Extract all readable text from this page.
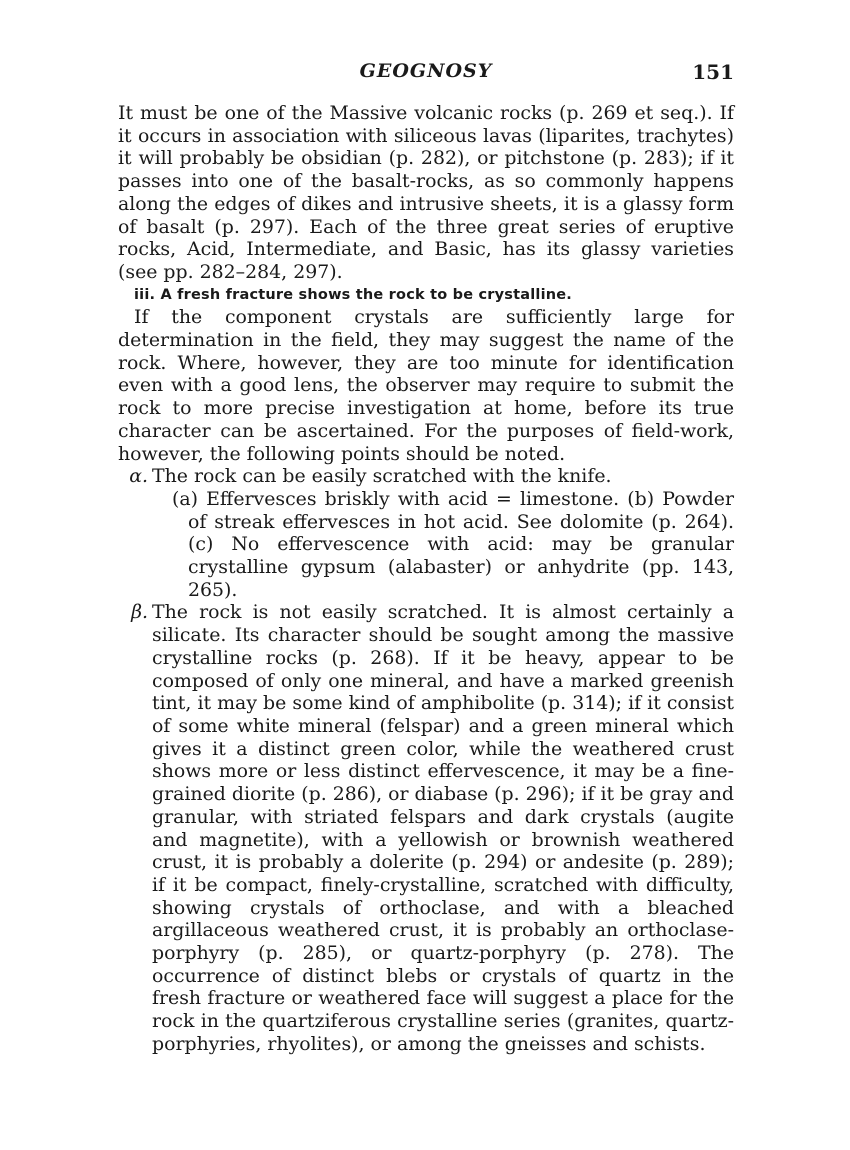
GEOGNOSY	151

It must be one of the Massive volcanic rocks (p. 269 et seq.). If it occurs in association with siliceous lavas (liparites, trachytes) it will probably be obsidian (p. 282), or pitchstone (p. 283); if it passes into one of the basalt-rocks, as so commonly happens along the edges of dikes and intrusive sheets, it is a glassy form of basalt (p. 297). Each of the three great series of eruptive rocks, Acid, Intermediate, and Basic, has its glassy varieties (see pp. 282–284, 297).

iii. A fresh fracture shows the rock to be crystalline.

If the component crystals are sufficiently large for determination in the field, they may suggest the name of the rock. Where, however, they are too minute for identification even with a good lens, the observer may require to submit the rock to more precise investigation at home, before its true character can be ascertained. For the purposes of field-work, however, the following points should be noted.

α. The rock can be easily scratched with the knife.

(a) Effervesces briskly with acid = limestone. (b) Powder of streak effervesces in hot acid. See dolomite (p. 264). (c) No effervescence with acid: may be granular crystalline gypsum (alabaster) or anhydrite (pp. 143, 265).

β. The rock is not easily scratched. It is almost certainly a silicate. Its character should be sought among the massive crystalline rocks (p. 268). If it be heavy, appear to be composed of only one mineral, and have a marked greenish tint, it may be some kind of amphibolite (p. 314); if it consist of some white mineral (felspar) and a green mineral which gives it a distinct green color, while the weathered crust shows more or less distinct effervescence, it may be a fine-grained diorite (p. 286), or diabase (p. 296); if it be gray and granular, with striated felspars and dark crystals (augite and magnetite), with a yellowish or brownish weathered crust, it is probably a dolerite (p. 294) or andesite (p. 289); if it be compact, finely-crystalline, scratched with difficulty, showing crystals of orthoclase, and with a bleached argillaceous weathered crust, it is probably an orthoclase-porphyry (p. 285), or quartz-porphyry (p. 278). The occurrence of distinct blebs or crystals of quartz in the fresh fracture or weathered face will suggest a place for the rock in the quartziferous crystalline series (granites, quartz-porphyries, rhyolites), or among the gneisses and schists.
